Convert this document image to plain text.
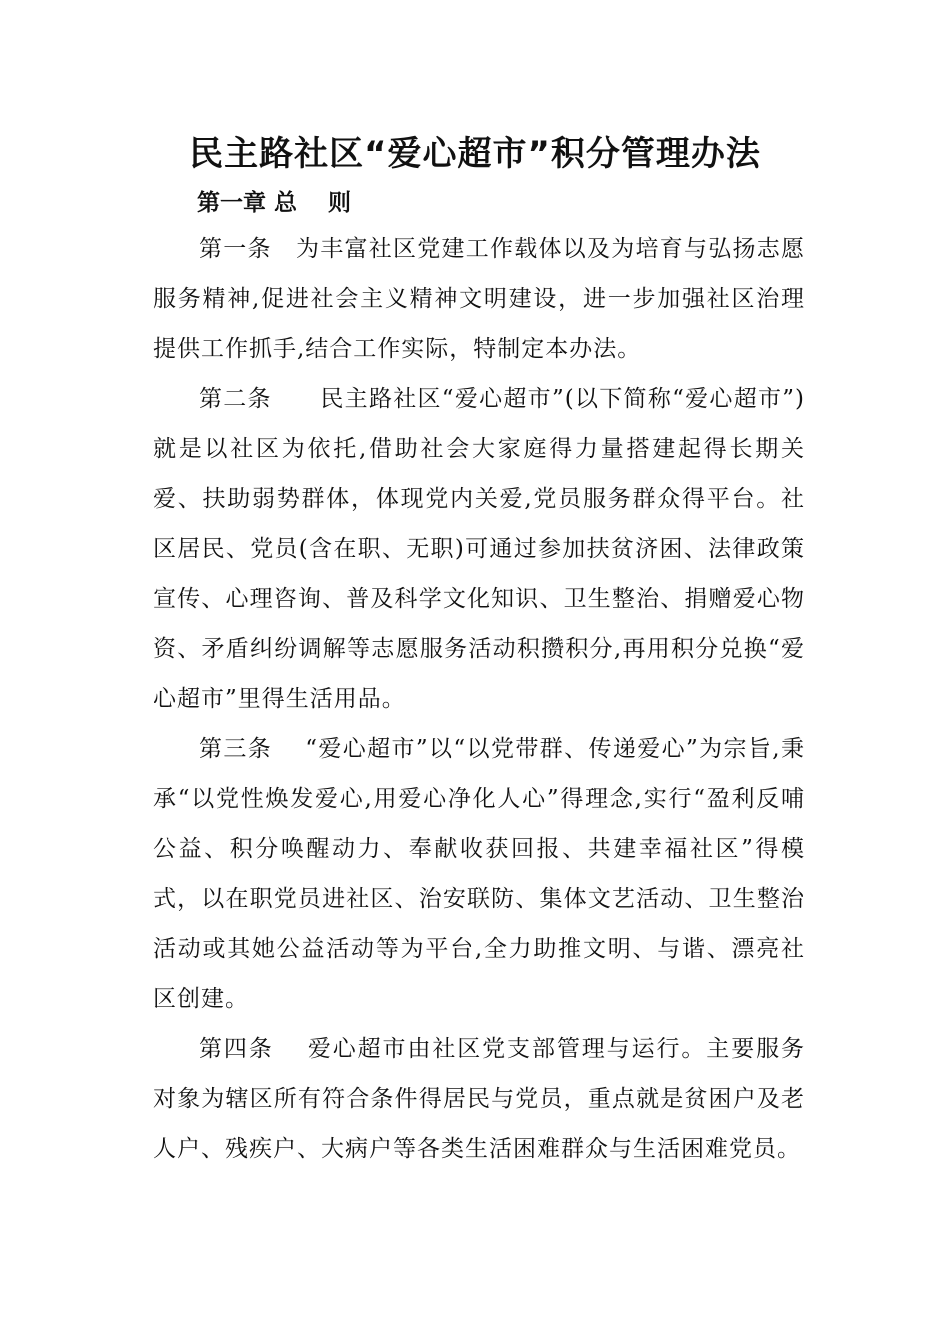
民主路社区“爱心超市”积分管理办法
第一章 总　 则

第一条　为丰富社区党建工作载体以及为培育与弘扬志愿服务精神,促进社会主义精神文明建设，进一步加强社区治理提供工作抓手,结合工作实际，特制定本办法。

第二条　　民主路社区“爱心超市”(以下简称“爱心超市”) 就是以社区为依托,借助社会大家庭得力量搭建起得长期关爱、扶助弱势群体，体现党内关爱,党员服务群众得平台。社区居民、党员(含在职、无职)可通过参加扶贫济困、法律政策宣传、心理咨询、普及科学文化知识、卫生整治、捐赠爱心物资、矛盾纠纷调解等志愿服务活动积攒积分,再用积分兑换“爱心超市”里得生活用品。

第三条　 “爱心超市”以“以党带群、传递爱心”为宗旨,秉承“以党性焕发爱心,用爱心净化人心”得理念,实行“盈利反哺公益、积分唤醒动力、奉献收获回报、共建幸福社区”得模式，以在职党员进社区、治安联防、集体文艺活动、卫生整治活动或其她公益活动等为平台,全力助推文明、与谐、漂亮社区创建。

第四条　 爱心超市由社区党支部管理与运行。主要服务对象为辖区所有符合条件得居民与党员，重点就是贫困户及老人户、残疾户、大病户等各类生活困难群众与生活困难党员。
